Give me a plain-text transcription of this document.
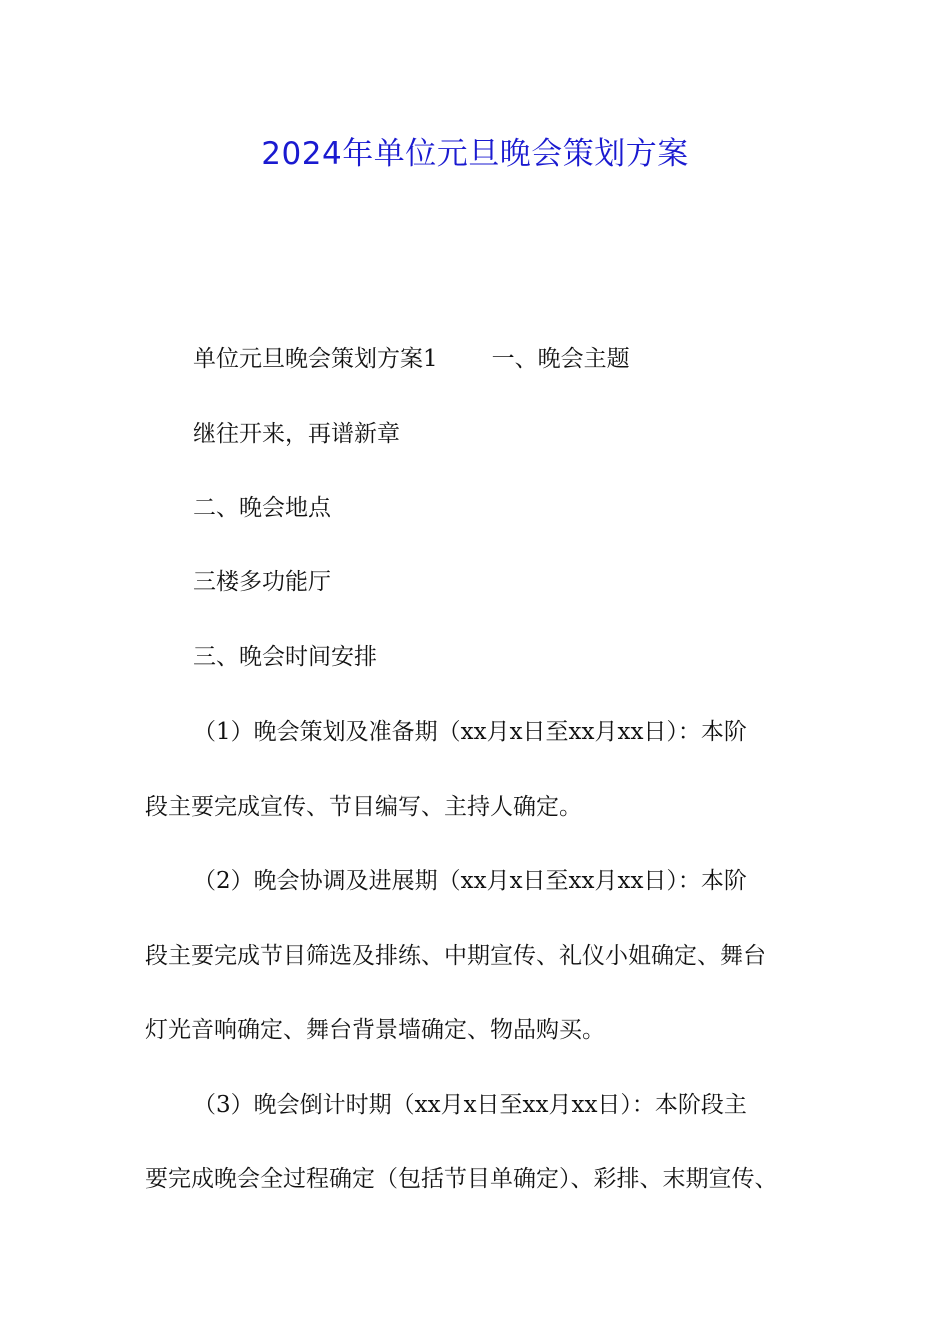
2024年单位元旦晚会策划方案

单位元旦晚会策划方案1 一、晚会主题

继往开来，再谱新章

二、晚会地点

三楼多功能厅

三、晚会时间安排

（1）晚会策划及准备期（xx月x日至xx月xx日）：本阶

段主要完成宣传、节目编写、主持人确定。

（2）晚会协调及进展期（xx月x日至xx月xx日）：本阶

段主要完成节目筛选及排练、中期宣传、礼仪小姐确定、舞台

灯光音响确定、舞台背景墙确定、物品购买。

（3）晚会倒计时期（xx月x日至xx月xx日）：本阶段主

要完成晚会全过程确定（包括节目单确定）、彩排、末期宣传、
